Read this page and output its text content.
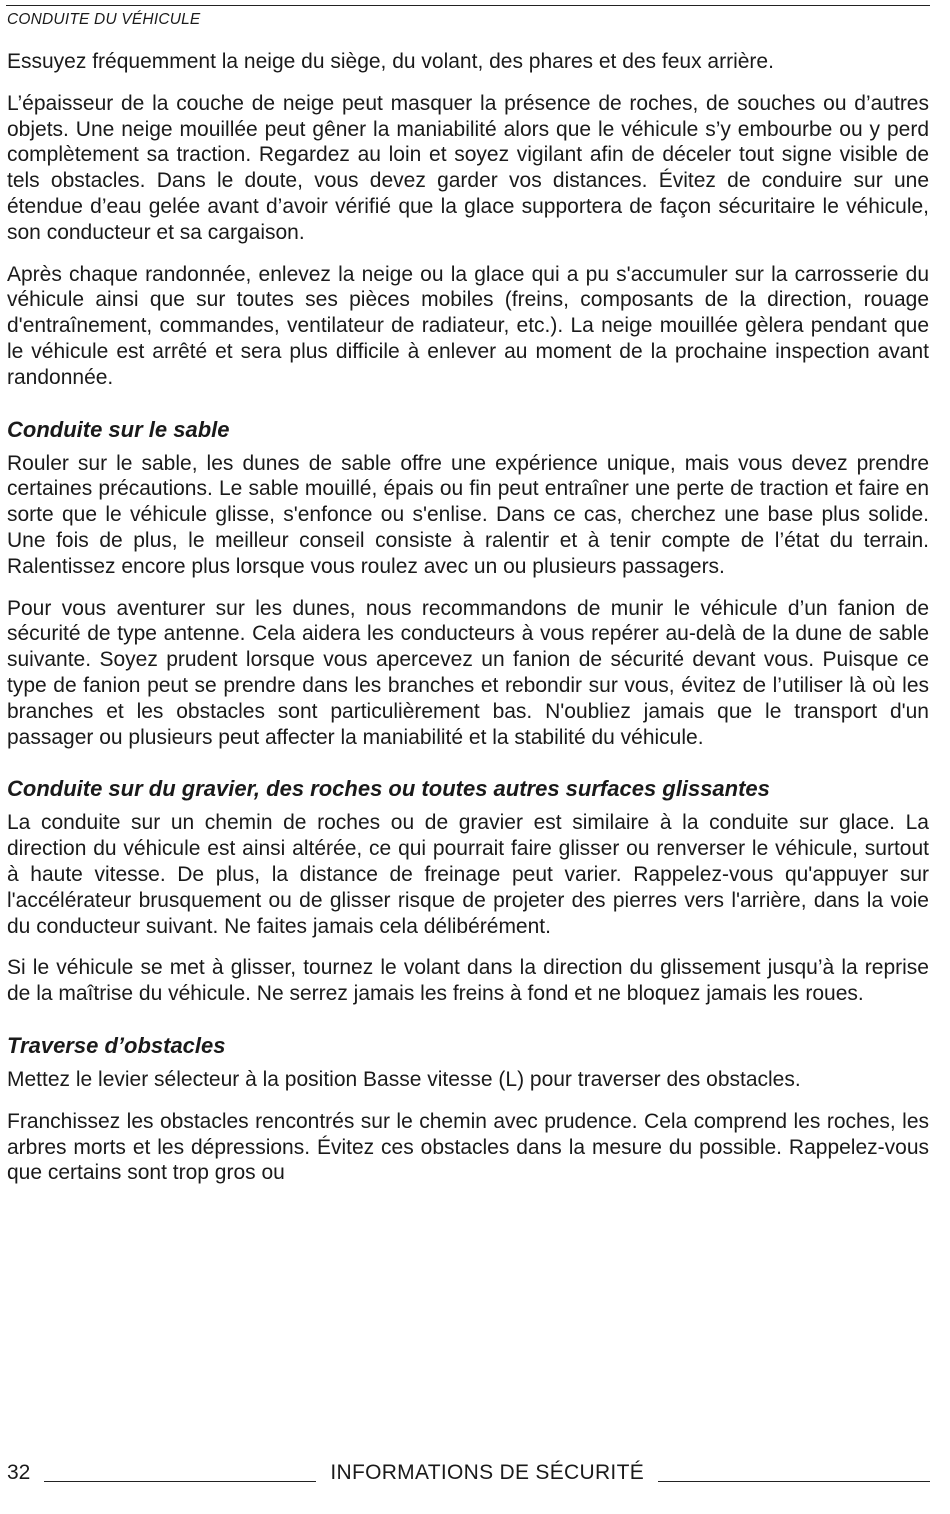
CONDUITE DU VÉHICULE

Essuyez fréquemment la neige du siège, du volant, des phares et des feux arrière.

L’épaisseur de la couche de neige peut masquer la présence de roches, de souches ou d’autres objets. Une neige mouillée peut gêner la maniabilité alors que le véhicule s’y embourbe ou y perd complètement sa traction. Regardez au loin et soyez vigilant afin de déceler tout signe visible de tels obstacles. Dans le doute, vous devez garder vos distances. Évitez de conduire sur une étendue d’eau gelée avant d’avoir vérifié que la glace supportera de façon sécuritaire le véhicule, son conducteur et sa cargaison.

Après chaque randonnée, enlevez la neige ou la glace qui a pu s'accumuler sur la carrosserie du véhicule ainsi que sur toutes ses pièces mobiles (freins, composants de la direction, rouage d'entraînement, commandes, ventilateur de radiateur, etc.). La neige mouillée gèlera pendant que le véhicule est arrêté et sera plus difficile à enlever au moment de la prochaine inspection avant randonnée.

Conduite sur le sable

Rouler sur le sable, les dunes de sable offre une expérience unique, mais vous devez prendre certaines précautions. Le sable mouillé, épais ou fin peut entraîner une perte de traction et faire en sorte que le véhicule glisse, s'enfonce ou s'enlise. Dans ce cas, cherchez une base plus solide. Une fois de plus, le meilleur conseil consiste à ralentir et à tenir compte de l’état du terrain. Ralentissez encore plus lorsque vous roulez avec un ou plusieurs passagers.

Pour vous aventurer sur les dunes, nous recommandons de munir le véhicule d’un fanion de sécurité de type antenne. Cela aidera les conducteurs à vous repérer au-delà de la dune de sable suivante. Soyez prudent lorsque vous apercevez un fanion de sécurité devant vous. Puisque ce type de fanion peut se prendre dans les branches et rebondir sur vous, évitez de l’utiliser là où les branches et les obstacles sont particulièrement bas. N'oubliez jamais que le transport d'un passager ou plusieurs peut affecter la maniabilité et la stabilité du véhicule.

Conduite sur du gravier, des roches ou toutes autres surfaces glissantes

La conduite sur un chemin de roches ou de gravier est similaire à la conduite sur glace. La direction du véhicule est ainsi altérée, ce qui pourrait faire glisser ou renverser le véhicule, surtout à haute vitesse. De plus, la distance de freinage peut varier. Rappelez-vous qu'appuyer sur l'accélérateur brusquement ou de glisser risque de projeter des pierres vers l'arrière, dans la voie du conducteur suivant. Ne faites jamais cela délibérément.

Si le véhicule se met à glisser, tournez le volant dans la direction du glissement jusqu’à la reprise de la maîtrise du véhicule. Ne serrez jamais les freins à fond et ne bloquez jamais les roues.

Traverse d’obstacles

Mettez le levier sélecteur à la position Basse vitesse (L) pour traverser des obstacles.

Franchissez les obstacles rencontrés sur le chemin avec prudence. Cela comprend les roches, les arbres morts et les dépressions. Évitez ces obstacles dans la mesure du possible. Rappelez-vous que certains sont trop gros ou

32	INFORMATIONS DE SÉCURITÉ
